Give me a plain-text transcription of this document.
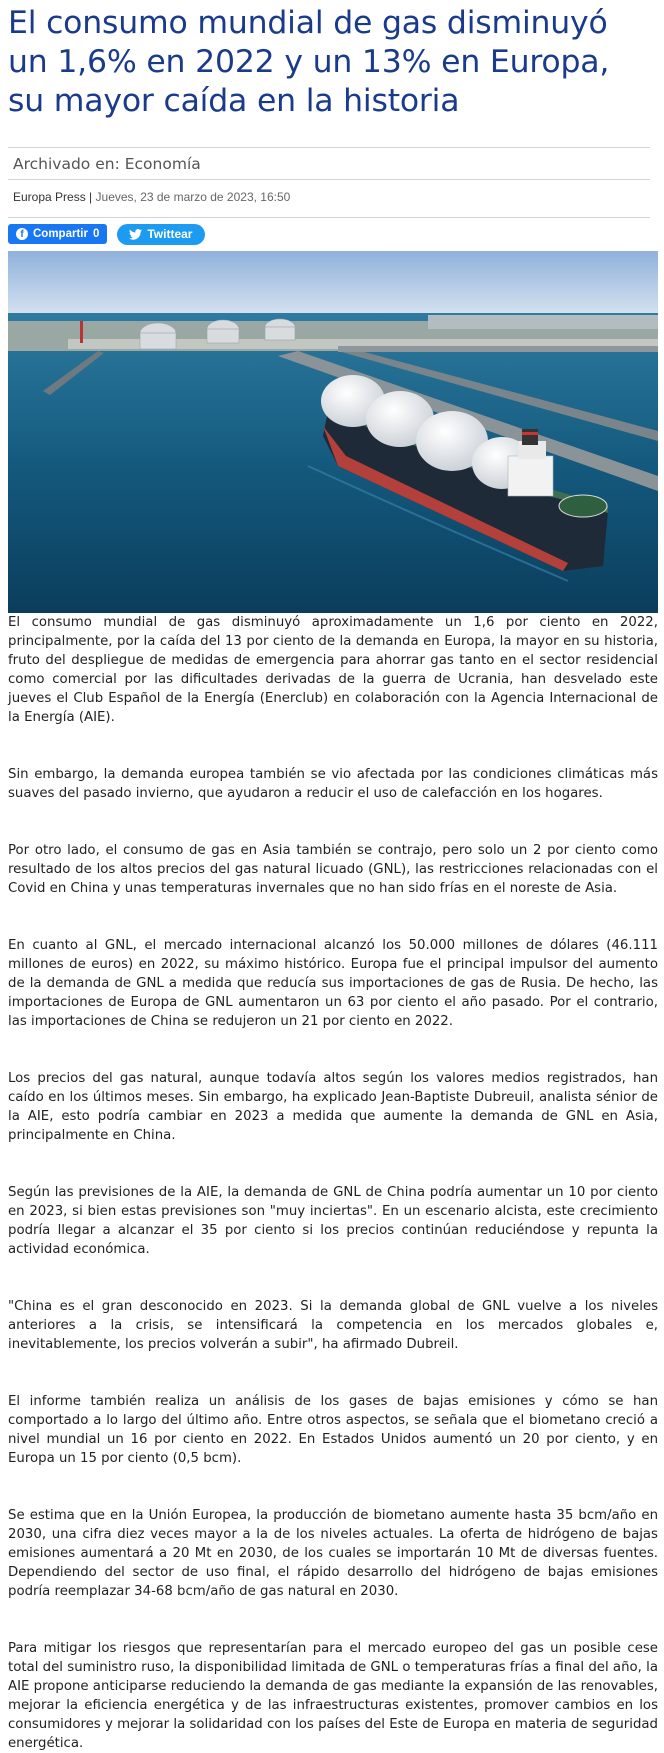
El consumo mundial de gas disminuyó un 1,6% en 2022 y un 13% en Europa, su mayor caída en la historia
Archivado en: Economía
Europa Press | Jueves, 23 de marzo de 2023, 16:50
f Compartir 0	Twittear

El consumo mundial de gas disminuyó aproximadamente un 1,6 por ciento en 2022, principalmente, por la caída del 13 por ciento de la demanda en Europa, la mayor en su historia, fruto del despliegue de medidas de emergencia para ahorrar gas tanto en el sector residencial como comercial por las dificultades derivadas de la guerra de Ucrania, han desvelado este jueves el Club Español de la Energía (Enerclub) en colaboración con la Agencia Internacional de la Energía (AIE).

Sin embargo, la demanda europea también se vio afectada por las condiciones climáticas más suaves del pasado invierno, que ayudaron a reducir el uso de calefacción en los hogares.

Por otro lado, el consumo de gas en Asia también se contrajo, pero solo un 2 por ciento como resultado de los altos precios del gas natural licuado (GNL), las restricciones relacionadas con el Covid en China y unas temperaturas invernales que no han sido frías en el noreste de Asia.

En cuanto al GNL, el mercado internacional alcanzó los 50.000 millones de dólares (46.111 millones de euros) en 2022, su máximo histórico. Europa fue el principal impulsor del aumento de la demanda de GNL a medida que reducía sus importaciones de gas de Rusia. De hecho, las importaciones de Europa de GNL aumentaron un 63 por ciento el año pasado. Por el contrario, las importaciones de China se redujeron un 21 por ciento en 2022.

Los precios del gas natural, aunque todavía altos según los valores medios registrados, han caído en los últimos meses. Sin embargo, ha explicado Jean-Baptiste Dubreuil, analista sénior de la AIE, esto podría cambiar en 2023 a medida que aumente la demanda de GNL en Asia, principalmente en China.

Según las previsiones de la AIE, la demanda de GNL de China podría aumentar un 10 por ciento en 2023, si bien estas previsiones son "muy inciertas". En un escenario alcista, este crecimiento podría llegar a alcanzar el 35 por ciento si los precios continúan reduciéndose y repunta la actividad económica.

"China es el gran desconocido en 2023. Si la demanda global de GNL vuelve a los niveles anteriores a la crisis, se intensificará la competencia en los mercados globales e, inevitablemente, los precios volverán a subir", ha afirmado Dubreil.

El informe también realiza un análisis de los gases de bajas emisiones y cómo se han comportado a lo largo del último año. Entre otros aspectos, se señala que el biometano creció a nivel mundial un 16 por ciento en 2022. En Estados Unidos aumentó un 20 por ciento, y en Europa un 15 por ciento (0,5 bcm).

Se estima que en la Unión Europea, la producción de biometano aumente hasta 35 bcm/año en 2030, una cifra diez veces mayor a la de los niveles actuales. La oferta de hidrógeno de bajas emisiones aumentará a 20 Mt en 2030, de los cuales se importarán 10 Mt de diversas fuentes. Dependiendo del sector de uso final, el rápido desarrollo del hidrógeno de bajas emisiones podría reemplazar 34-68 bcm/año de gas natural en 2030.

Para mitigar los riesgos que representarían para el mercado europeo del gas un posible cese total del suministro ruso, la disponibilidad limitada de GNL o temperaturas frías a final del año, la AIE propone anticiparse reduciendo la demanda de gas mediante la expansión de las renovables, mejorar la eficiencia energética y de las infraestructuras existentes, promover cambios en los consumidores y mejorar la solidaridad con los países del Este de Europa en materia de seguridad energética.
